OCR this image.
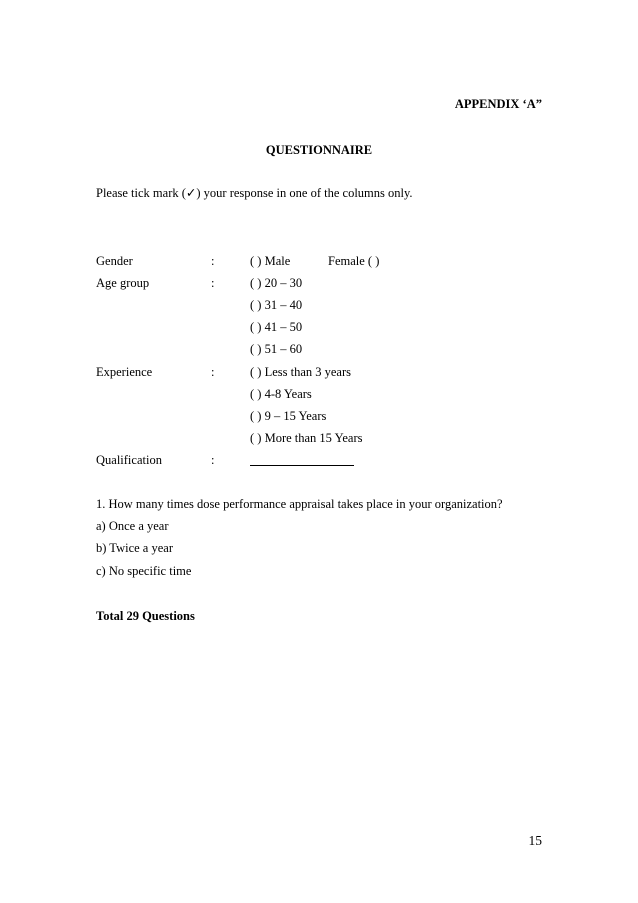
APPENDIX ‘A”
QUESTIONNAIRE
Please tick mark (✓) your response in one of the columns only.
Gender	:	( ) Male	Female ( )
Age group	:	( ) 20 – 30
( ) 31 – 40
( ) 41 – 50
( ) 51 – 60
Experience	:	( ) Less than 3 years
( ) 4-8 Years
( ) 9 – 15 Years
( ) More than 15 Years
Qualification	:
1. How many times dose performance appraisal takes place in your organization?
a) Once a year
b) Twice a year
c) No specific time
Total 29 Questions
15
